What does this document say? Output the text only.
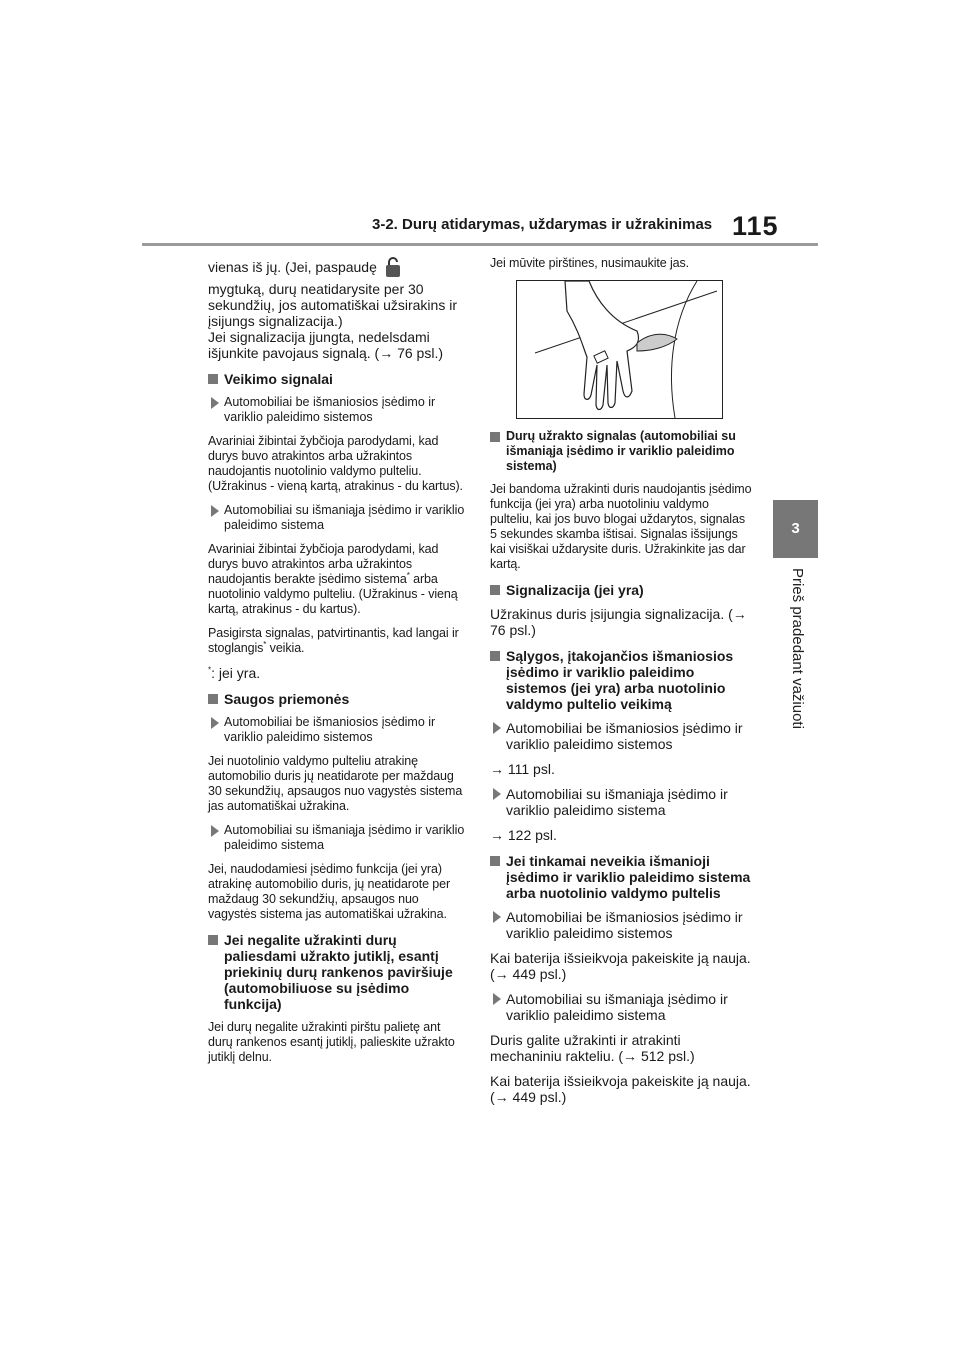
3-2. Durų atidarymas, uždarymas ir užrakinimas 115
3
Prieš pradedant važiuoti

vienas iš jų. (Jei, paspaudę
mygtuką, durų neatidarysite per 30 sekundžių, jos automatiškai užsirakins ir įsijungs signalizacija.)
Jei signalizacija įjungta, nedelsdami išjunkite pavojaus signalą. (→ 76 psl.)

Veikimo signalai
Automobiliai be išmaniosios įsėdimo ir variklio paleidimo sistemos

Avariniai žibintai žybčioja parodydami, kad durys buvo atrakintos arba užrakintos naudojantis nuotolinio valdymo pulteliu. (Užrakinus - vieną kartą, atrakinus - du kartus).

Automobiliai su išmaniąja įsėdimo ir variklio paleidimo sistema

Avariniai žibintai žybčioja parodydami, kad durys buvo atrakintos arba užrakintos naudojantis berakte įsėdimo sistema* arba nuotolinio valdymo pulteliu. (Užrakinus - vieną kartą, atrakinus - du kartus).

Pasigirsta signalas, patvirtinantis, kad langai ir stoglangis* veikia.

*: jei yra.

Saugos priemonės
Automobiliai be išmaniosios įsėdimo ir variklio paleidimo sistemos

Jei nuotolinio valdymo pulteliu atrakinę automobilio duris jų neatidarote per maždaug 30 sekundžių, apsaugos nuo vagystės sistema jas automatiškai užrakina.

Automobiliai su išmaniąja įsėdimo ir variklio paleidimo sistema

Jei, naudodamiesi įsėdimo funkcija (jei yra) atrakinę automobilio duris, jų neatidarote per maždaug 30 sekundžių, apsaugos nuo vagystės sistema jas automatiškai užrakina.

Jei negalite užrakinti durų paliesdami užrakto jutiklį, esantį priekinių durų rankenos paviršiuje (automobiliuose su įsėdimo funkcija)

Jei durų negalite užrakinti pirštu palietę ant durų rankenos esantį jutiklį, palieskite užrakto jutiklį delnu.

Jei mūvite pirštines, nusimaukite jas.

Durų užrakto signalas (automobiliai su išmaniąja įsėdimo ir variklio paleidimo sistema)

Jei bandoma užrakinti duris naudojantis įsėdimo funkcija (jei yra) arba nuotoliniu valdymo pulteliu, kai jos buvo blogai uždarytos, signalas 5 sekundes skamba ištisai. Signalas išsijungs kai visiškai uždarysite duris. Užrakinkite jas dar kartą.

Signalizacija (jei yra)

Užrakinus duris įsijungia signalizacija. (→ 76 psl.)

Sąlygos, įtakojančios išmaniosios įsėdimo ir variklio paleidimo sistemos (jei yra) arba nuotolinio valdymo pultelio veikimą
Automobiliai be išmaniosios įsėdimo ir variklio paleidimo sistemos

→ 111 psl.

Automobiliai su išmaniąja įsėdimo ir variklio paleidimo sistema

→ 122 psl.

Jei tinkamai neveikia išmanioji įsėdimo ir variklio paleidimo sistema arba nuotolinio valdymo pultelis
Automobiliai be išmaniosios įsėdimo ir variklio paleidimo sistemos

Kai baterija išsieikvoja pakeiskite ją nauja. (→ 449 psl.)

Automobiliai su išmaniąja įsėdimo ir variklio paleidimo sistema

Duris galite užrakinti ir atrakinti mechaniniu rakteliu. (→ 512 psl.)

Kai baterija išsieikvoja pakeiskite ją nauja. (→ 449 psl.)
